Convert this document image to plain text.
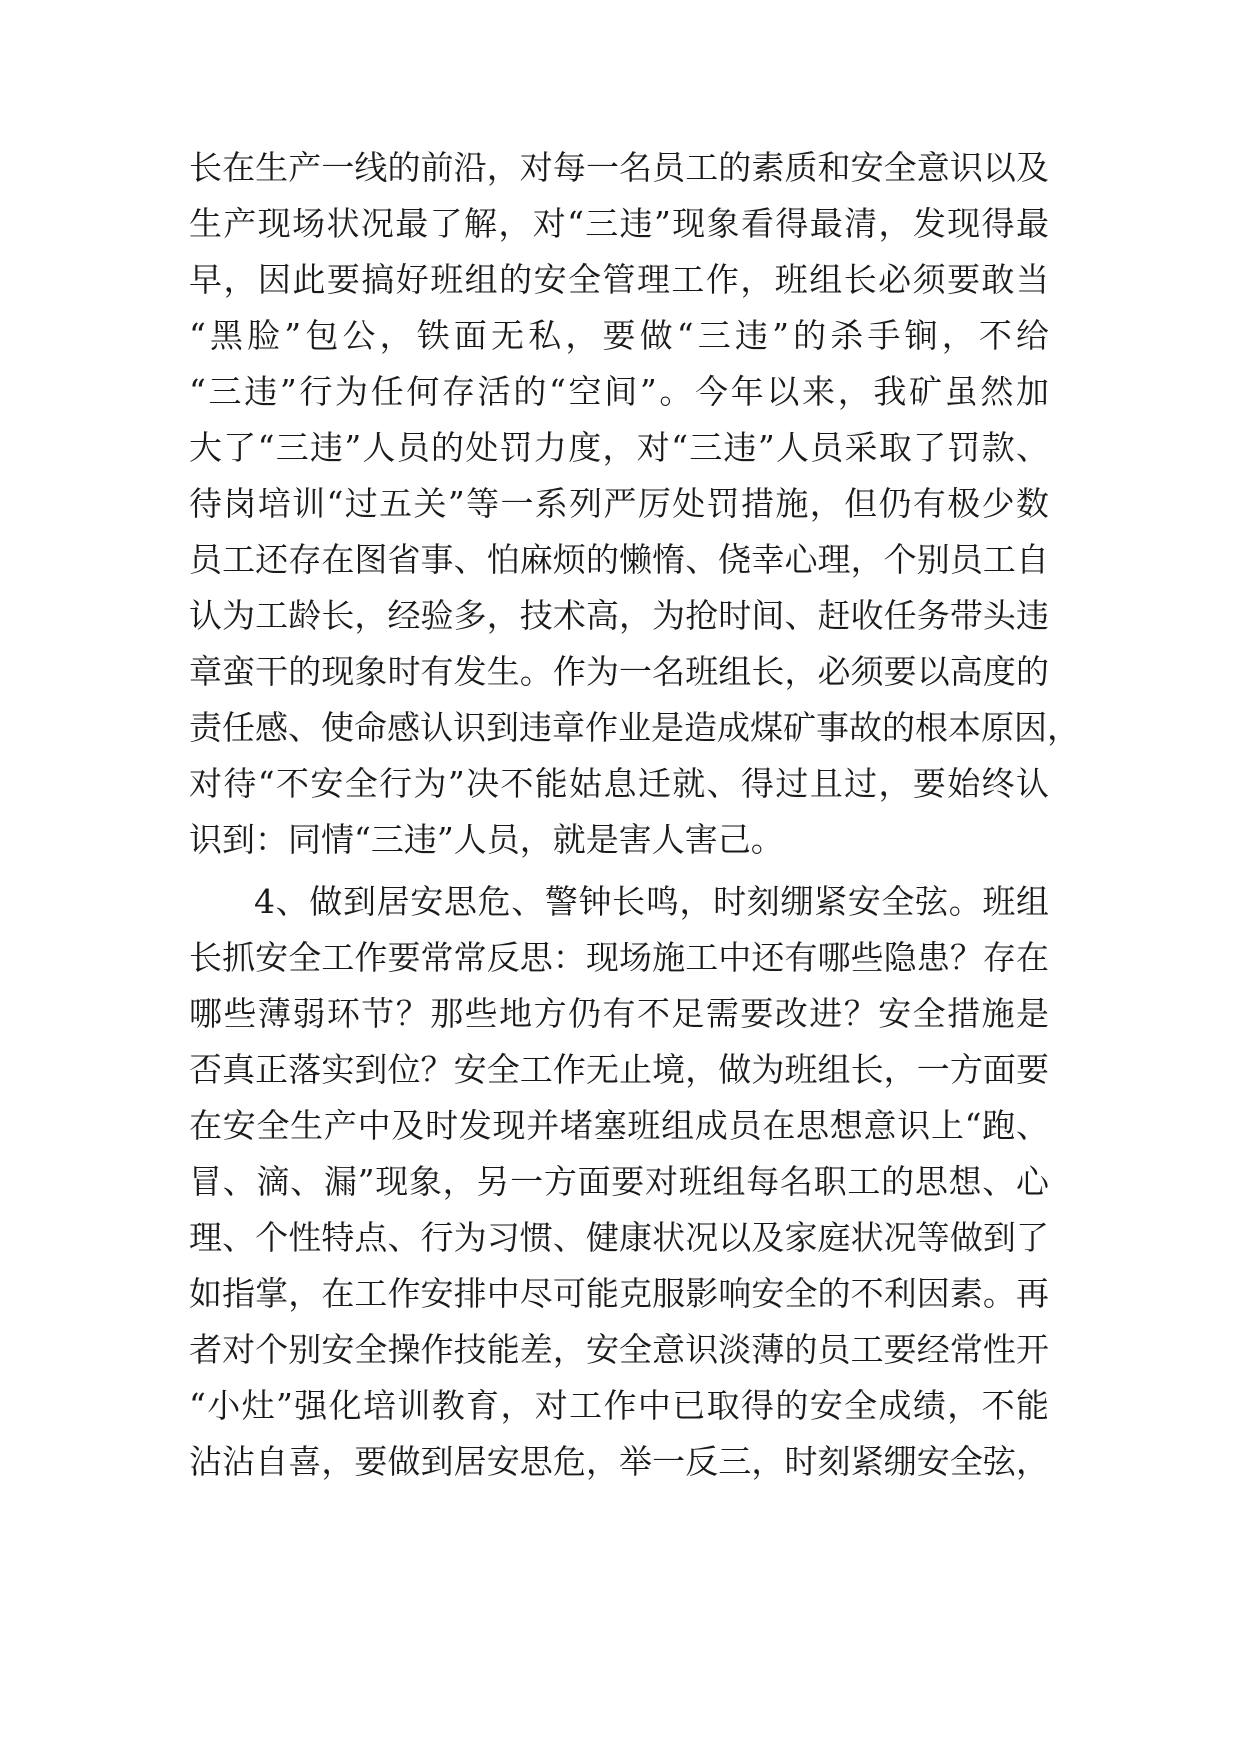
长在生产一线的前沿，对每一名员工的素质和安全意识以及
生产现场状况最了解，对“三违”现象看得最清，发现得最
早，因此要搞好班组的安全管理工作，班组长必须要敢当
“黑脸”包公，铁面无私，要做“三违”的杀手锏，不给
“三违”行为任何存活的“空间”。今年以来，我矿虽然加
大了“三违”人员的处罚力度，对“三违”人员采取了罚款、
待岗培训“过五关”等一系列严厉处罚措施，但仍有极少数
员工还存在图省事、怕麻烦的懒惰、侥幸心理，个别员工自
认为工龄长，经验多，技术高，为抢时间、赶收任务带头违
章蛮干的现象时有发生。作为一名班组长，必须要以高度的
责任感、使命感认识到违章作业是造成煤矿事故的根本原因，
对待“不安全行为”决不能姑息迁就、得过且过，要始终认
识到：同情“三违”人员，就是害人害己。
4、做到居安思危、警钟长鸣，时刻绷紧安全弦。班组
长抓安全工作要常常反思：现场施工中还有哪些隐患？存在
哪些薄弱环节？那些地方仍有不足需要改进？安全措施是
否真正落实到位？安全工作无止境，做为班组长，一方面要
在安全生产中及时发现并堵塞班组成员在思想意识上“跑、
冒、滴、漏”现象，另一方面要对班组每名职工的思想、心
理、个性特点、行为习惯、健康状况以及家庭状况等做到了
如指掌，在工作安排中尽可能克服影响安全的不利因素。再
者对个别安全操作技能差，安全意识淡薄的员工要经常性开
“小灶”强化培训教育，对工作中已取得的安全成绩，不能
沾沾自喜，要做到居安思危，举一反三，时刻紧绷安全弦，
